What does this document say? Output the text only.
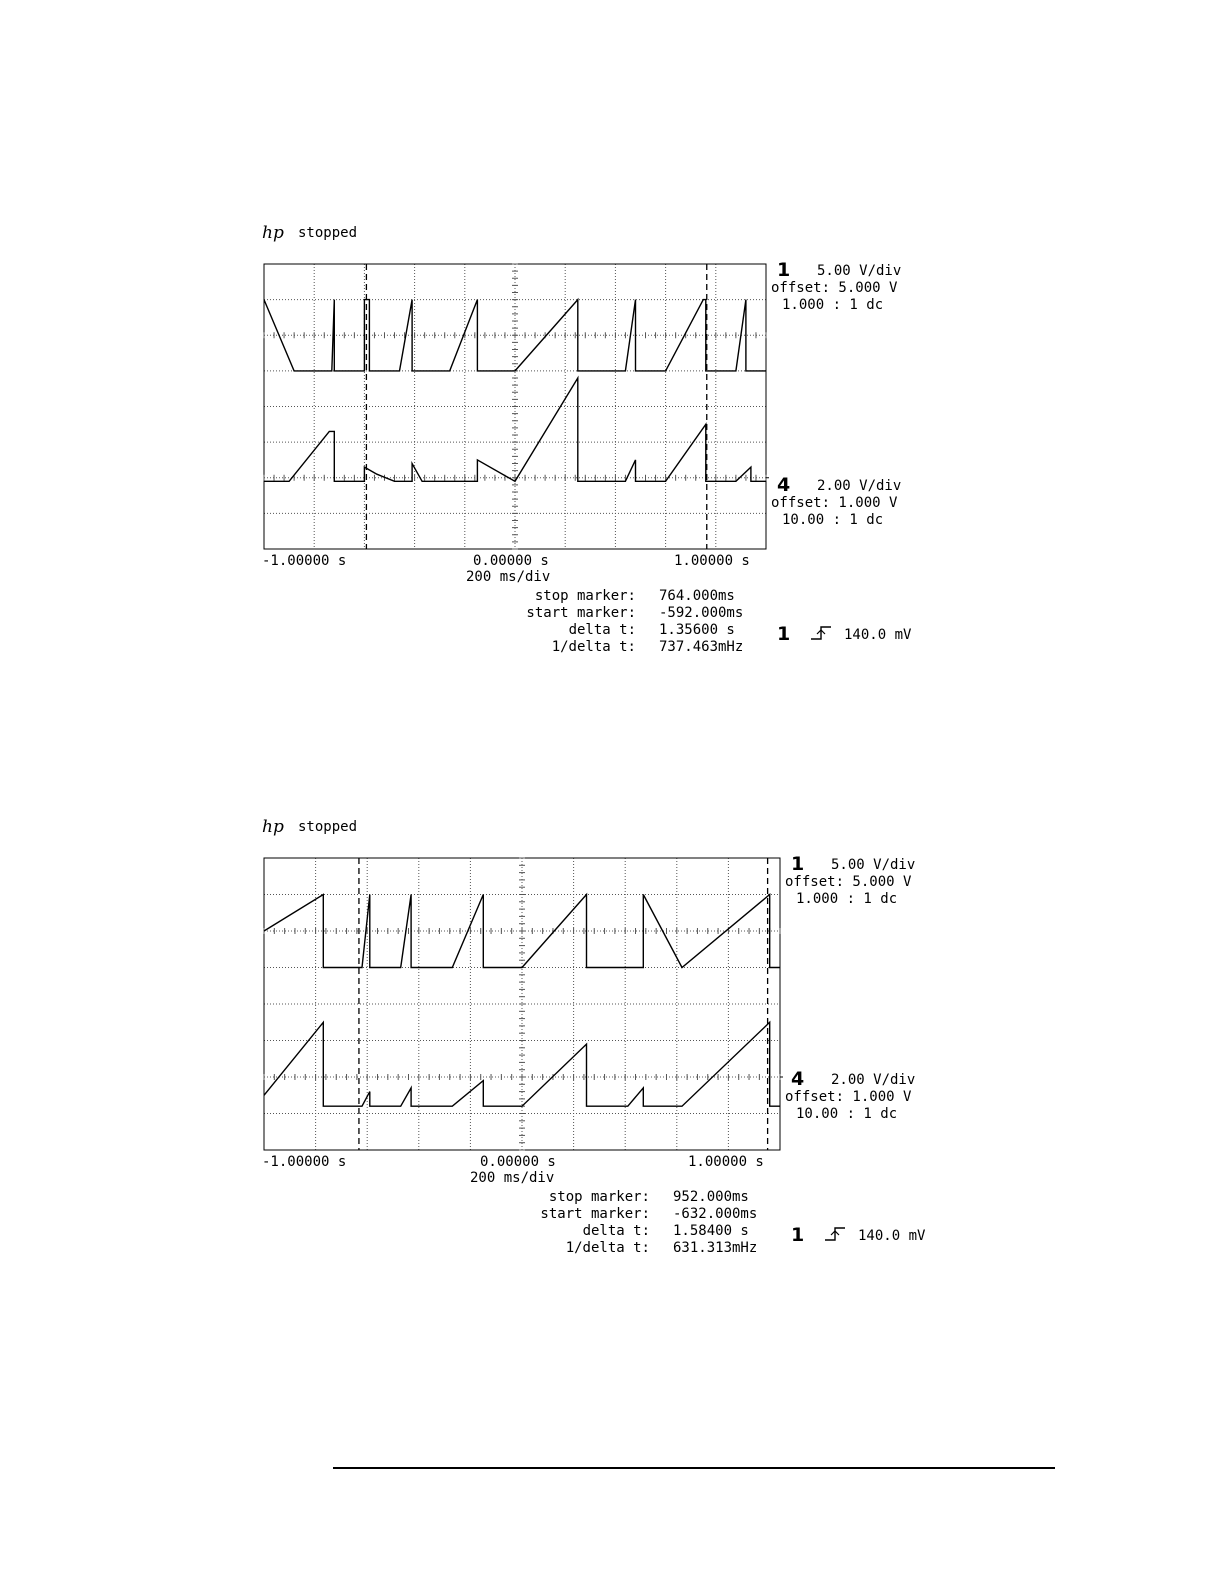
hp stopped
1 5.00 V/div
offset: 5.000 V
1.000 : 1 dc
4 2.00 V/div
offset: 1.000 V
10.00 : 1 dc
-1.00000 s	0.00000 s	1.00000 s
200 ms/div
stop marker: 764.000ms
start marker: -592.000ms
delta t: 1.35600 s
1/delta t: 737.463mHz
1	140.0 mV
hp stopped
1 5.00 V/div
offset: 5.000 V
1.000 : 1 dc
4 2.00 V/div
offset: 1.000 V
10.00 : 1 dc
-1.00000 s	0.00000 s	1.00000 s
200 ms/div
stop marker: 952.000ms
start marker: -632.000ms
delta t: 1.58400 s
1/delta t: 631.313mHz
1	140.0 mV
